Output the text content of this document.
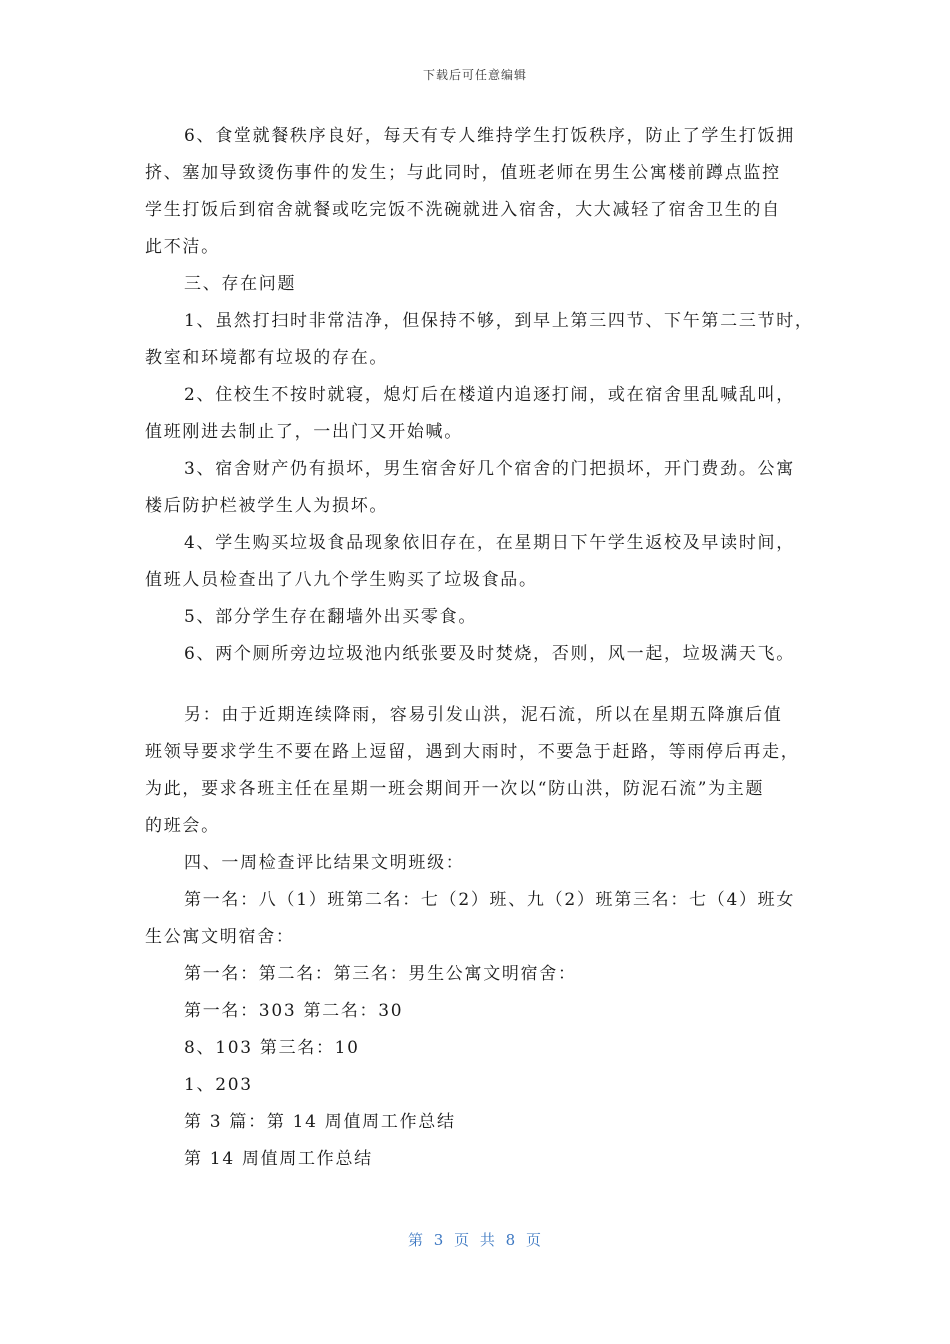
下载后可任意编辑
6、食堂就餐秩序良好，每天有专人维持学生打饭秩序，防止了学生打饭拥
挤、塞加导致烫伤事件的发生；与此同时，值班老师在男生公寓楼前蹲点监控
学生打饭后到宿舍就餐或吃完饭不洗碗就进入宿舍，大大减轻了宿舍卫生的自
此不洁。
三、存在问题
1、虽然打扫时非常洁净，但保持不够，到早上第三四节、下午第二三节时，
教室和环境都有垃圾的存在。
2、住校生不按时就寝，熄灯后在楼道内追逐打闹，或在宿舍里乱喊乱叫，
值班刚进去制止了，一出门又开始喊。
3、宿舍财产仍有损坏，男生宿舍好几个宿舍的门把损坏，开门费劲。公寓
楼后防护栏被学生人为损坏。
4、学生购买垃圾食品现象依旧存在，在星期日下午学生返校及早读时间，
值班人员检查出了八九个学生购买了垃圾食品。
5、部分学生存在翻墙外出买零食。
6、两个厕所旁边垃圾池内纸张要及时焚烧，否则，风一起，垃圾满天飞。
另：由于近期连续降雨，容易引发山洪，泥石流，所以在星期五降旗后值
班领导要求学生不要在路上逗留，遇到大雨时，不要急于赶路，等雨停后再走，
为此，要求各班主任在星期一班会期间开一次以“防山洪，防泥石流”为主题
的班会。
四、一周检查评比结果文明班级：
第一名：八（1）班第二名：七（2）班、九（2）班第三名：七（4）班女
生公寓文明宿舍：
第一名：第二名：第三名：男生公寓文明宿舍：
第一名：303 第二名：30
8、103 第三名：10
1、203
第 3 篇：第 14 周值周工作总结
第 14 周值周工作总结
第 3 页 共 8 页
